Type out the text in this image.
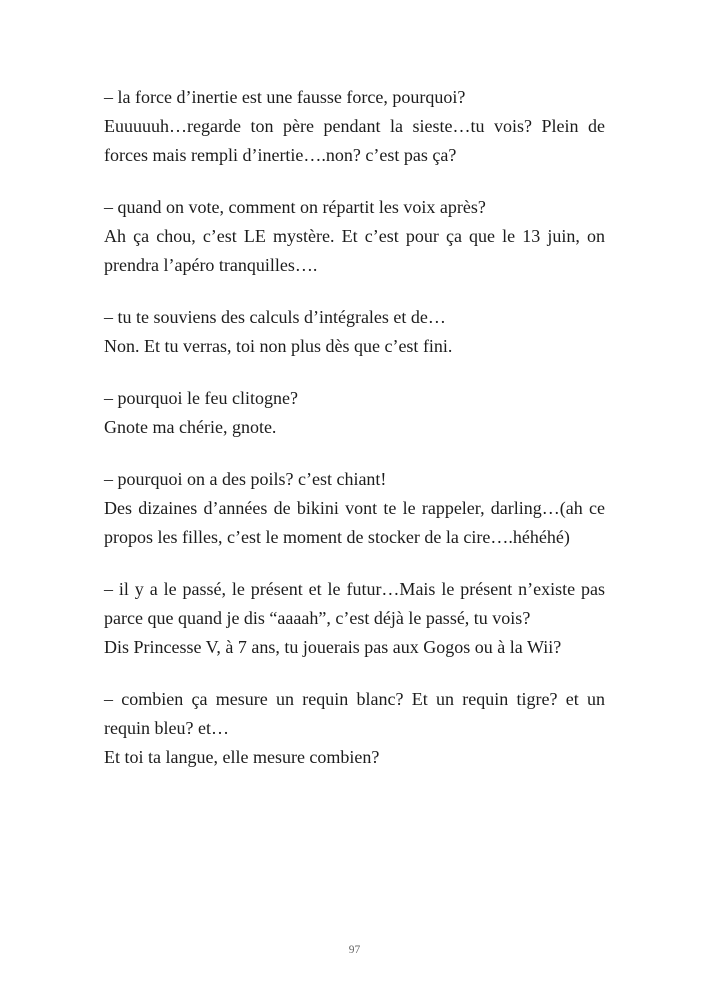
– la force d’inertie est une fausse force, pourquoi?

Euuuuuh…regarde ton père pendant la sieste…tu vois? Plein de forces mais rempli d’inertie….non? c’est pas ça?

– quand on vote, comment on répartit les voix après?

Ah ça chou, c’est LE mystère. Et c’est pour ça que le 13 juin, on prendra l’apéro tranquilles….

– tu te souviens des calculs d’intégrales et de…

Non. Et tu verras, toi non plus dès que c’est fini.

– pourquoi le feu clitogne?

Gnote ma chérie, gnote.

– pourquoi on a des poils? c’est chiant!

Des dizaines d’années de bikini vont te le rappeler, darling…(ah ce propos les filles, c’est le moment de stocker de la cire….héhéhé)

– il y a le passé, le présent et le futur…Mais le présent n’existe pas parce que quand je dis “aaaah”, c’est déjà le passé, tu vois?

Dis Princesse V, à 7 ans, tu jouerais pas aux Gogos ou à la Wii?

– combien ça mesure un requin blanc? Et un requin tigre? et un requin bleu? et…

Et toi ta langue, elle mesure combien?

97
